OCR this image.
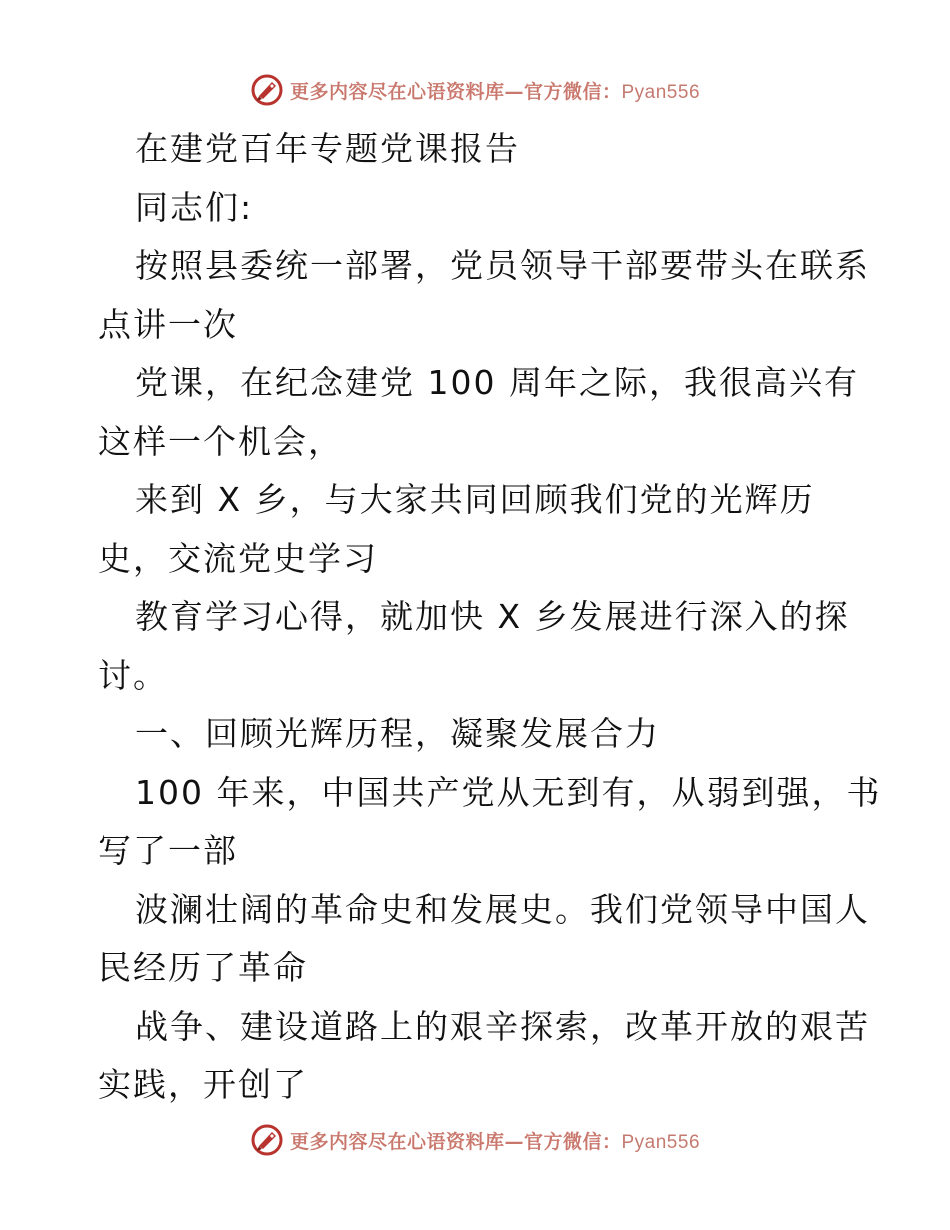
更多内容尽在心语资料库—官方微信：Pyan556
在建党百年专题党课报告
同志们:
按照县委统一部署，党员领导干部要带头在联系
点讲一次
党课，在纪念建党 100 周年之际，我很高兴有
这样一个机会，
来到 X 乡，与大家共同回顾我们党的光辉历
史，交流党史学习
教育学习心得，就加快 X 乡发展进行深入的探
讨。
一、回顾光辉历程，凝聚发展合力
100 年来，中国共产党从无到有，从弱到强，书
写了一部
波澜壮阔的革命史和发展史。我们党领导中国人
民经历了革命
战争、建设道路上的艰辛探索，改革开放的艰苦
实践，开创了
更多内容尽在心语资料库—官方微信：Pyan556
